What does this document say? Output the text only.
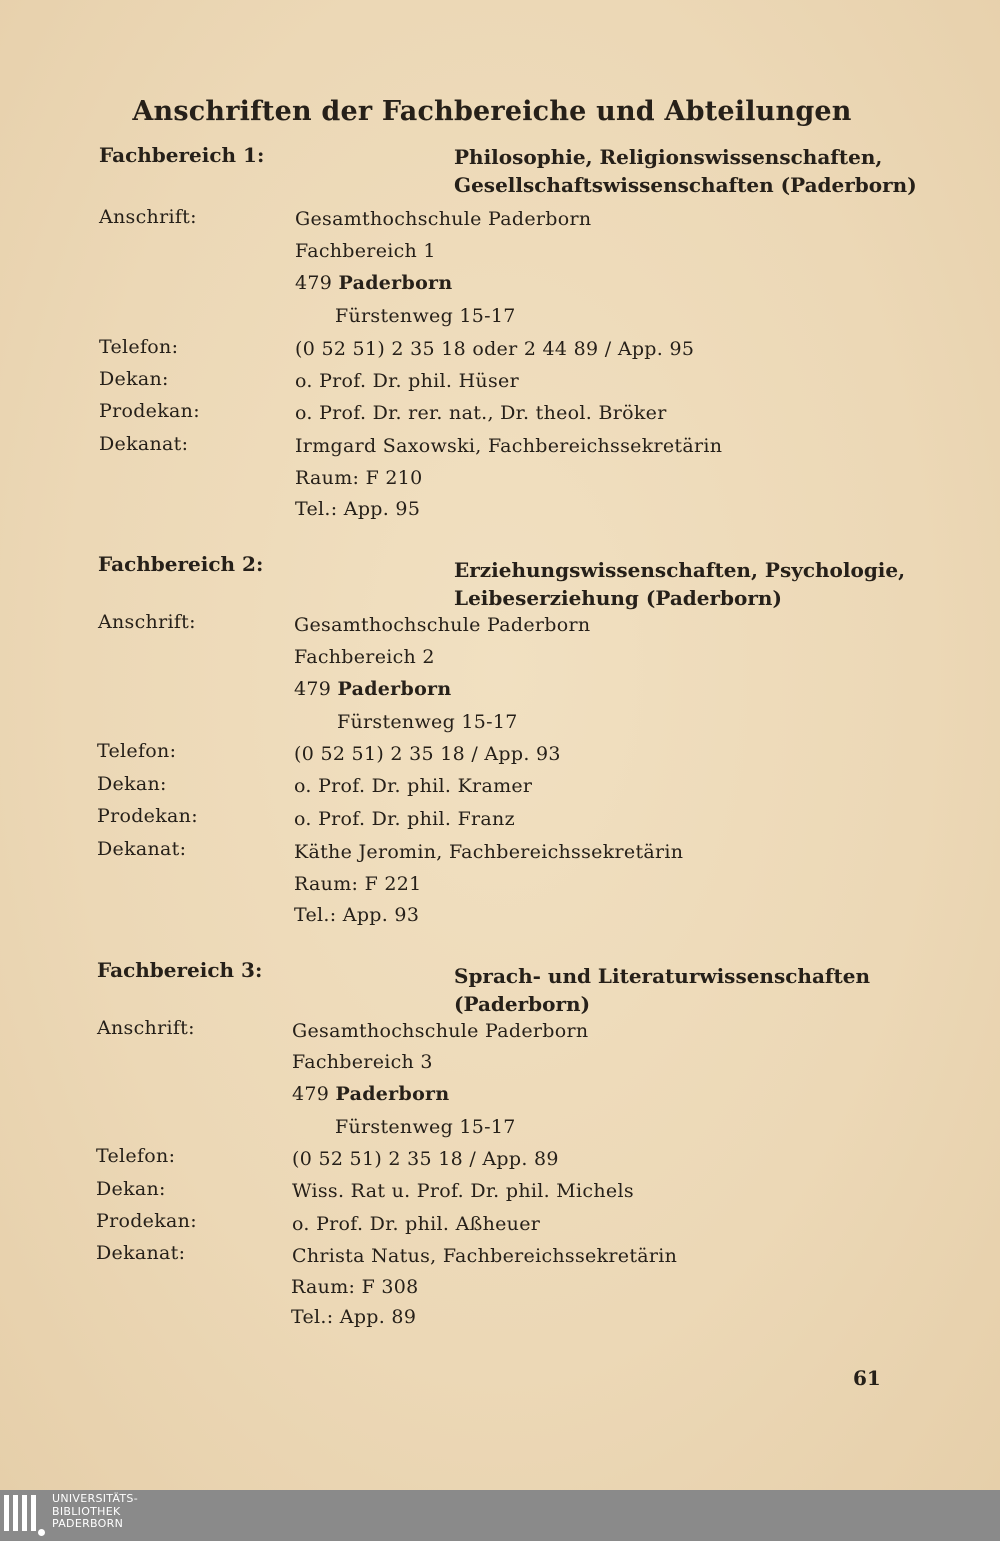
Anschriften der Fachbereiche und Abteilungen
Fachbereich 1:	Philosophie, Religionswissenschaften,
Gesellschaftswissenschaften (Paderborn)
Anschrift:	Gesamthochschule Paderborn
Fachbereich 1
479 Paderborn
Fürstenweg 15-17
Telefon:	(0 52 51) 2 35 18 oder 2 44 89 / App. 95
Dekan:	o. Prof. Dr. phil. Hüser
Prodekan:	o. Prof. Dr. rer. nat., Dr. theol. Bröker
Dekanat:	Irmgard Saxowski, Fachbereichssekretärin
Raum: F 210
Tel.: App. 95
Fachbereich 2:	Erziehungswissenschaften, Psychologie,
Leibeserziehung (Paderborn)
Anschrift:	Gesamthochschule Paderborn
Fachbereich 2
479 Paderborn
Fürstenweg 15-17
Telefon:	(0 52 51) 2 35 18 / App. 93
Dekan:	o. Prof. Dr. phil. Kramer
Prodekan:	o. Prof. Dr. phil. Franz
Dekanat:	Käthe Jeromin, Fachbereichssekretärin
Raum: F 221
Tel.: App. 93
Fachbereich 3:	Sprach- und Literaturwissenschaften
(Paderborn)
Anschrift:	Gesamthochschule Paderborn
Fachbereich 3
479 Paderborn
Fürstenweg 15-17
Telefon:	(0 52 51) 2 35 18 / App. 89
Dekan:	Wiss. Rat u. Prof. Dr. phil. Michels
Prodekan:	o. Prof. Dr. phil. Aßheuer
Dekanat:	Christa Natus, Fachbereichssekretärin
Raum: F 308
Tel.: App. 89
61
UNIVERSITÄTS-
BIBLIOTHEK
PADERBORN
